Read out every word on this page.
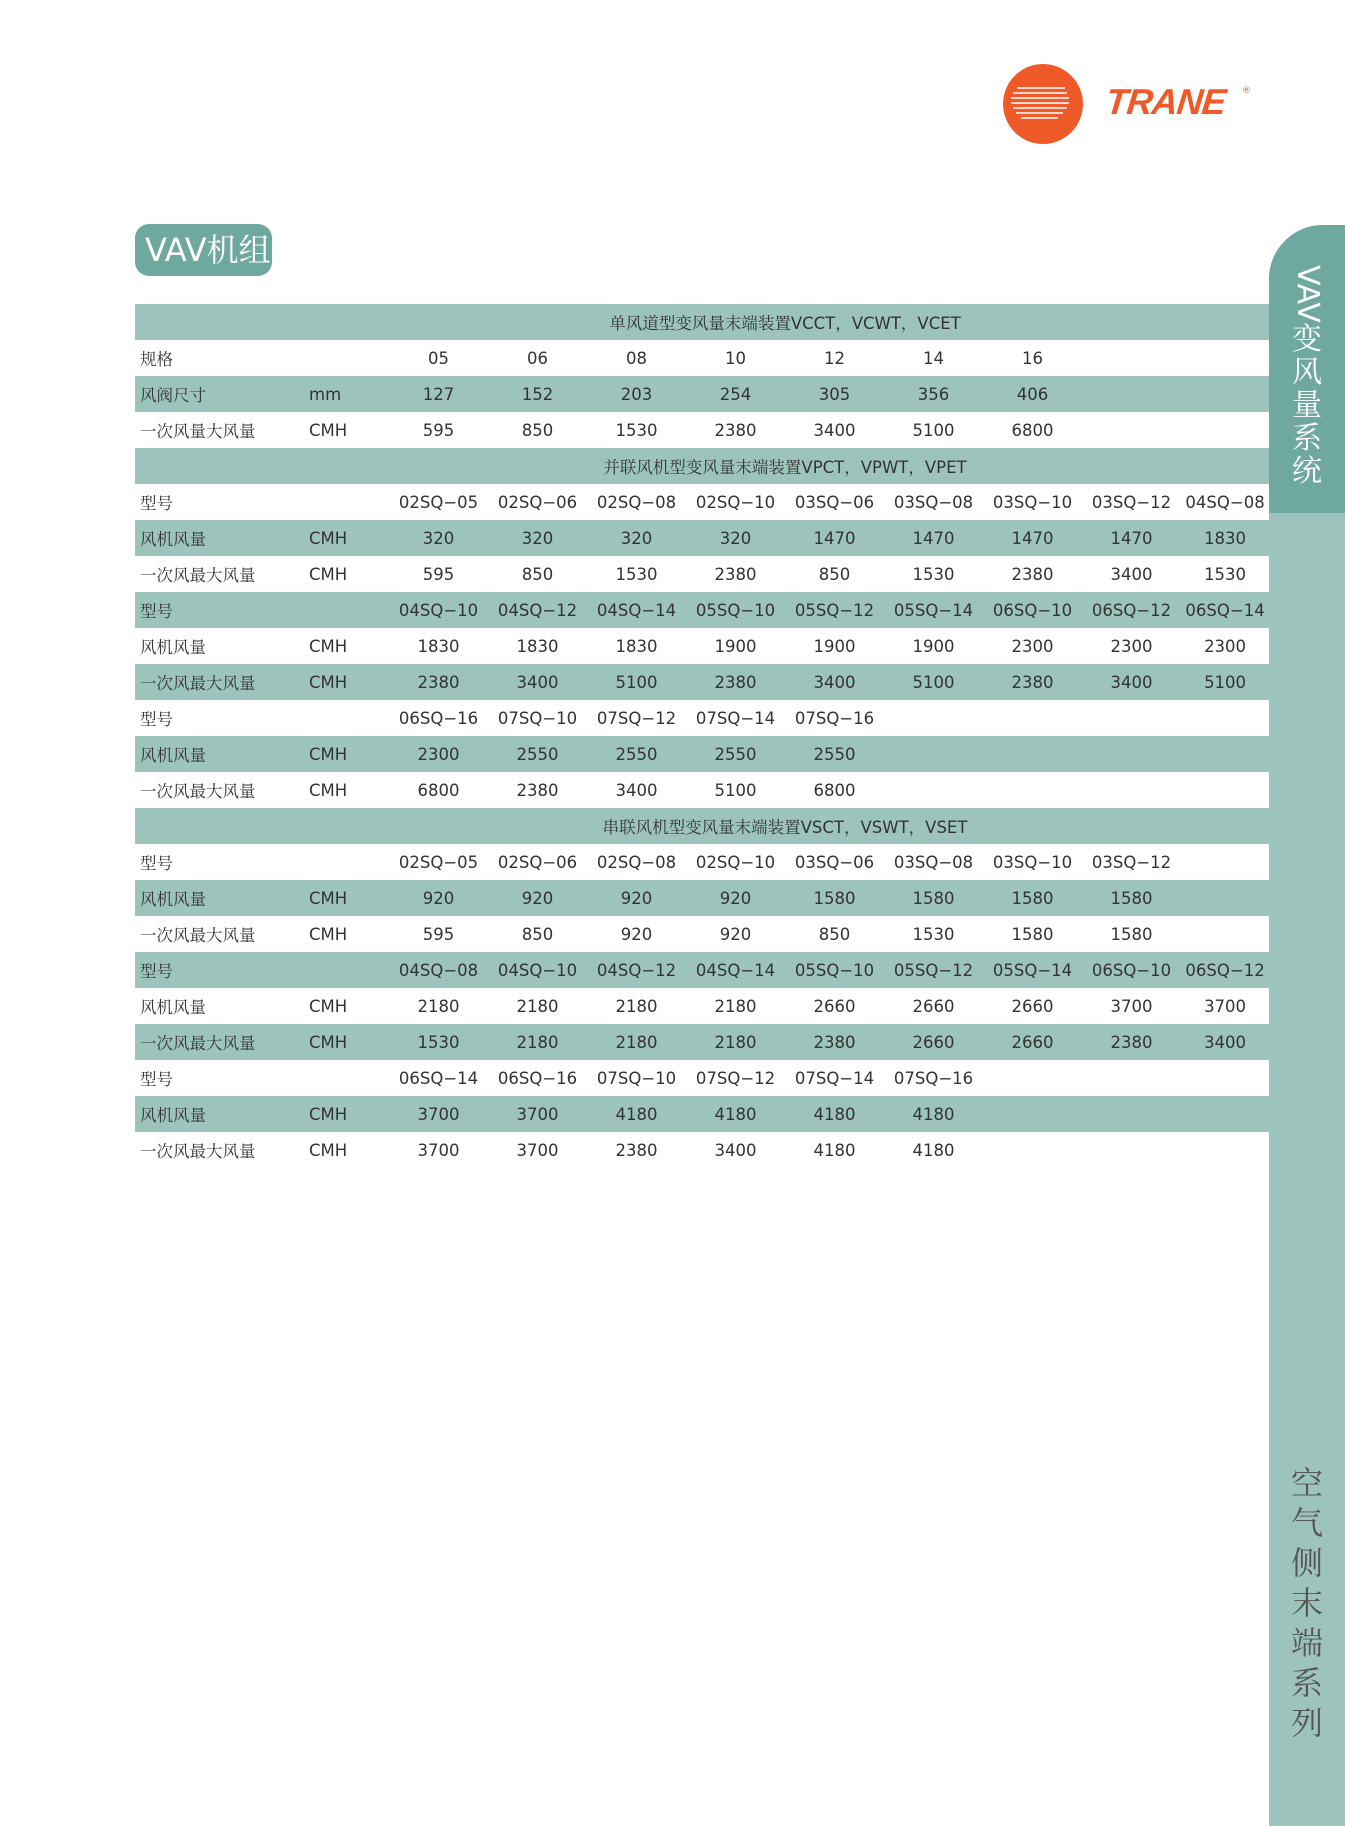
TRANE ®
VAV机组
VAV
变
风
量
系
统
空
气
侧
末
端
系
列
		单风道型变风量末端装置VCCT，VCWT，VCET								
规格		05	06	08	10	12	14	16		
风阀尺寸	mm	127	152	203	254	305	356	406		
一次风量大风量	CMH	595	850	1530	2380	3400	5100	6800		
		并联风机型变风量末端装置VPCT，VPWT，VPET								
型号		02SQ−05	02SQ−06	02SQ−08	02SQ−10	03SQ−06	03SQ−08	03SQ−10	03SQ−12	04SQ−08
风机风量	CMH	320	320	320	320	1470	1470	1470	1470	1830
一次风最大风量	CMH	595	850	1530	2380	850	1530	2380	3400	1530
型号		04SQ−10	04SQ−12	04SQ−14	05SQ−10	05SQ−12	05SQ−14	06SQ−10	06SQ−12	06SQ−14
风机风量	CMH	1830	1830	1830	1900	1900	1900	2300	2300	2300
一次风最大风量	CMH	2380	3400	5100	2380	3400	5100	2380	3400	5100
型号		06SQ−16	07SQ−10	07SQ−12	07SQ−14	07SQ−16				
风机风量	CMH	2300	2550	2550	2550	2550				
一次风最大风量	CMH	6800	2380	3400	5100	6800				
		串联风机型变风量末端装置VSCT，VSWT，VSET								
型号		02SQ−05	02SQ−06	02SQ−08	02SQ−10	03SQ−06	03SQ−08	03SQ−10	03SQ−12	
风机风量	CMH	920	920	920	920	1580	1580	1580	1580	
一次风最大风量	CMH	595	850	920	920	850	1530	1580	1580	
型号		04SQ−08	04SQ−10	04SQ−12	04SQ−14	05SQ−10	05SQ−12	05SQ−14	06SQ−10	06SQ−12
风机风量	CMH	2180	2180	2180	2180	2660	2660	2660	3700	3700
一次风最大风量	CMH	1530	2180	2180	2180	2380	2660	2660	2380	3400
型号		06SQ−14	06SQ−16	07SQ−10	07SQ−12	07SQ−14	07SQ−16			
风机风量	CMH	3700	3700	4180	4180	4180	4180			
一次风最大风量	CMH	3700	3700	2380	3400	4180	4180			
